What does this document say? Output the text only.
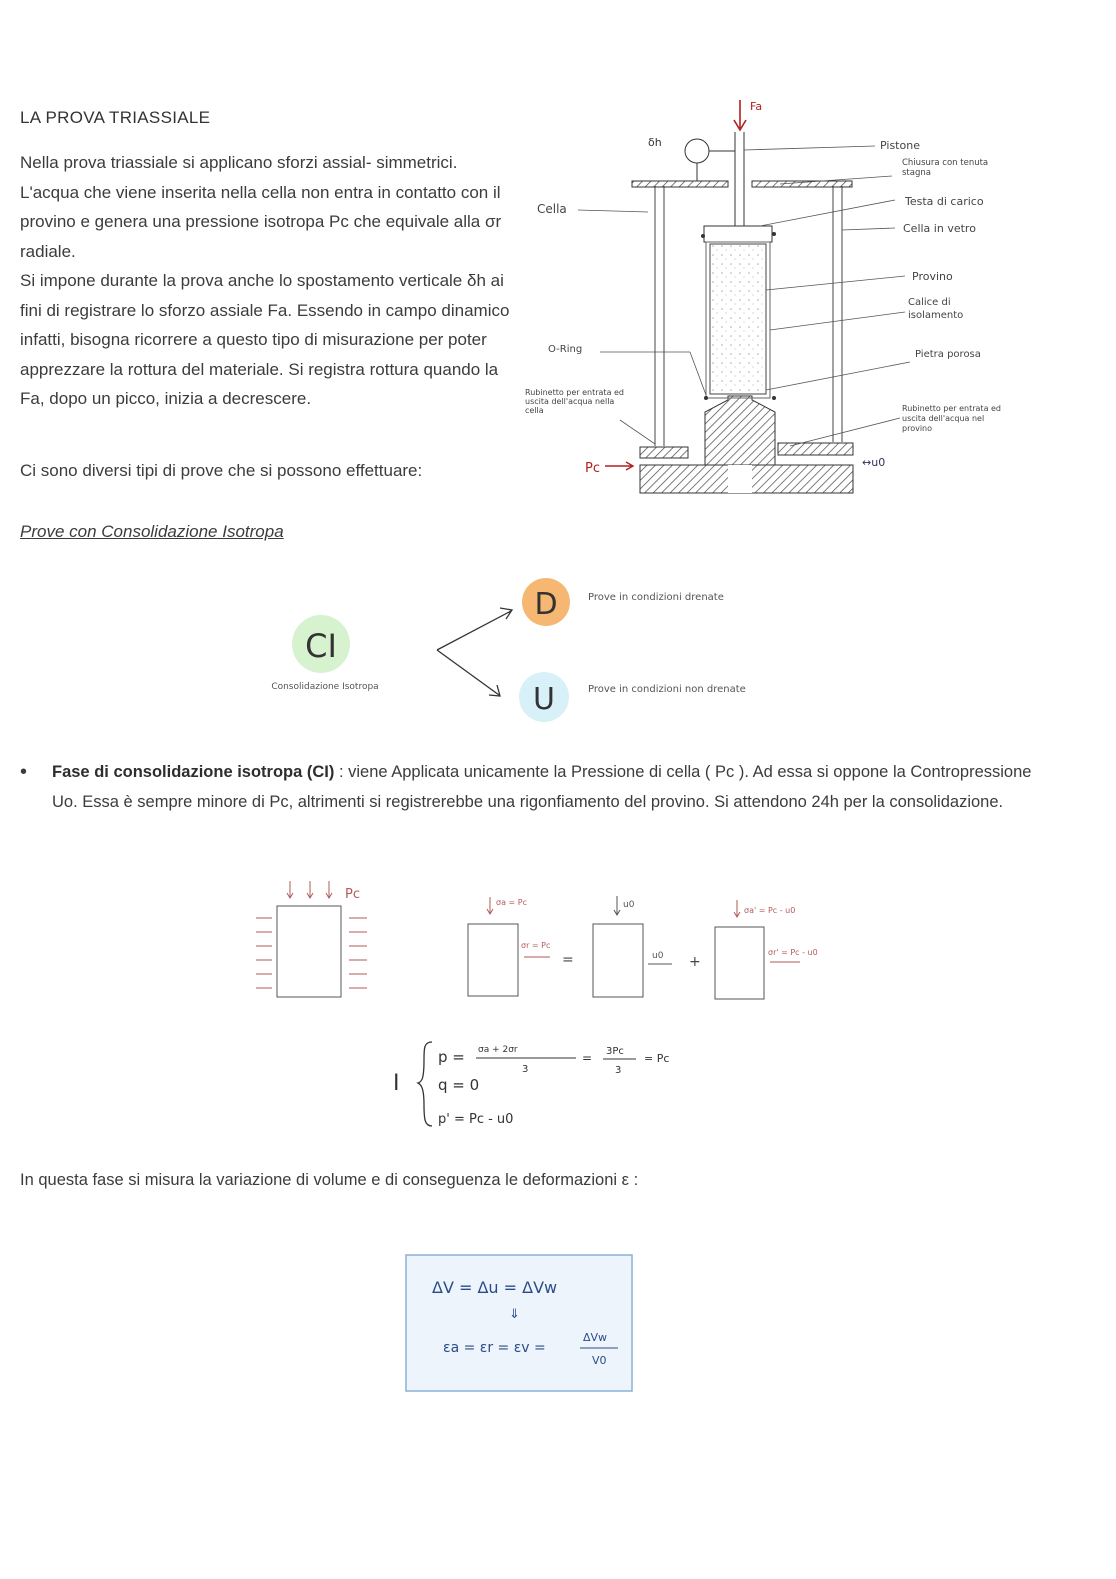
LA PROVA TRIASSIALE

Nella prova triassiale si applicano sforzi assial- simmetrici. L'acqua che viene inserita nella cella non entra in contatto con il provino e genera una pressione isotropa Pc che equivale alla σr radiale.

Si impone durante la prova anche lo spostamento verticale δh ai fini di registrare lo sforzo assiale Fa. Essendo in campo dinamico infatti, bisogna ricorrere a questo tipo di misurazione per poter apprezzare la rottura del materiale. Si registra rottura quando la Fa, dopo un picco, inizia a decrescere.

Ci sono diversi tipi di prove che si possono effettuare:
Prove con Consolidazione Isotropa
δh
Fa
Pc	↔u0
Cella
O-Ring
Rubinetto per entrata ed uscita dell'acqua nella cella
Pistone
Chiusura con tenuta stagna
Testa di carico
Cella in vetro
Provino
Calice di isolamento
Pietra porosa
Rubinetto per entrata ed uscita dell'acqua nel provino
CI
Consolidazione Isotropa
D	Prove in condizioni drenate
U	Prove in condizioni non drenate
• Fase di consolidazione isotropa (CI) : viene Applicata unicamente la Pressione di cella ( Pc ). Ad essa si oppone la Contropressione Uo. Essa è sempre minore di Pc, altrimenti si registrerebbe una rigonfiamento del provino. Si attendono 24h per la consolidazione.
Pc
σa = Pc
σr = Pc
=
u0
u0 +
σa' = Pc - u0
σr' = Pc - u0
I
p = σa + 2σr
3
= 3Pc
3
= Pc
q = 0
p' = Pc - u0
In questa fase si misura la variazione di volume e di conseguenza le deformazioni ε :
ΔV = Δu = ΔVw
⇓
εa = εr = εv =
ΔVw
V0
